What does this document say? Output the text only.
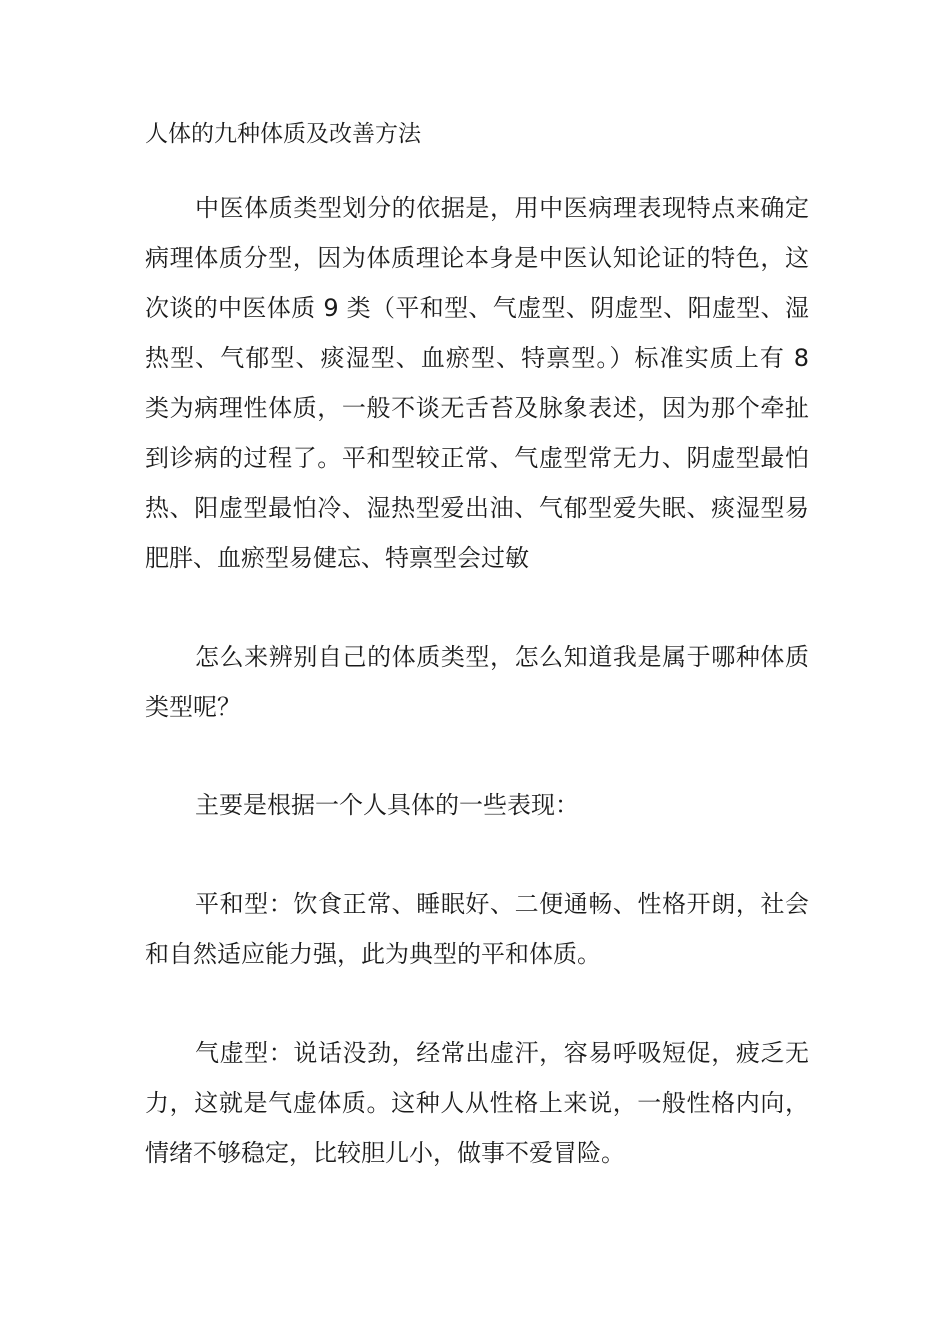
人体的九种体质及改善方法

中医体质类型划分的依据是，用中医病理表现特点来确定病理体质分型，因为体质理论本身是中医认知论证的特色，这次谈的中医体质 9 类（平和型、气虚型、阴虚型、阳虚型、湿热型、气郁型、痰湿型、血瘀型、特禀型。）标准实质上有 8 类为病理性体质，一般不谈无舌苔及脉象表述，因为那个牵扯到诊病的过程了。平和型较正常、气虚型常无力、阴虚型最怕热、阳虚型最怕冷、湿热型爱出油、气郁型爱失眠、痰湿型易肥胖、血瘀型易健忘、特禀型会过敏

怎么来辨别自己的体质类型，怎么知道我是属于哪种体质类型呢？

主要是根据一个人具体的一些表现：

平和型：饮食正常、睡眠好、二便通畅、性格开朗，社会和自然适应能力强，此为典型的平和体质。

气虚型：说话没劲，经常出虚汗，容易呼吸短促，疲乏无力，这就是气虚体质。这种人从性格上来说，一般性格内向，情绪不够稳定，比较胆儿小，做事不爱冒险。
